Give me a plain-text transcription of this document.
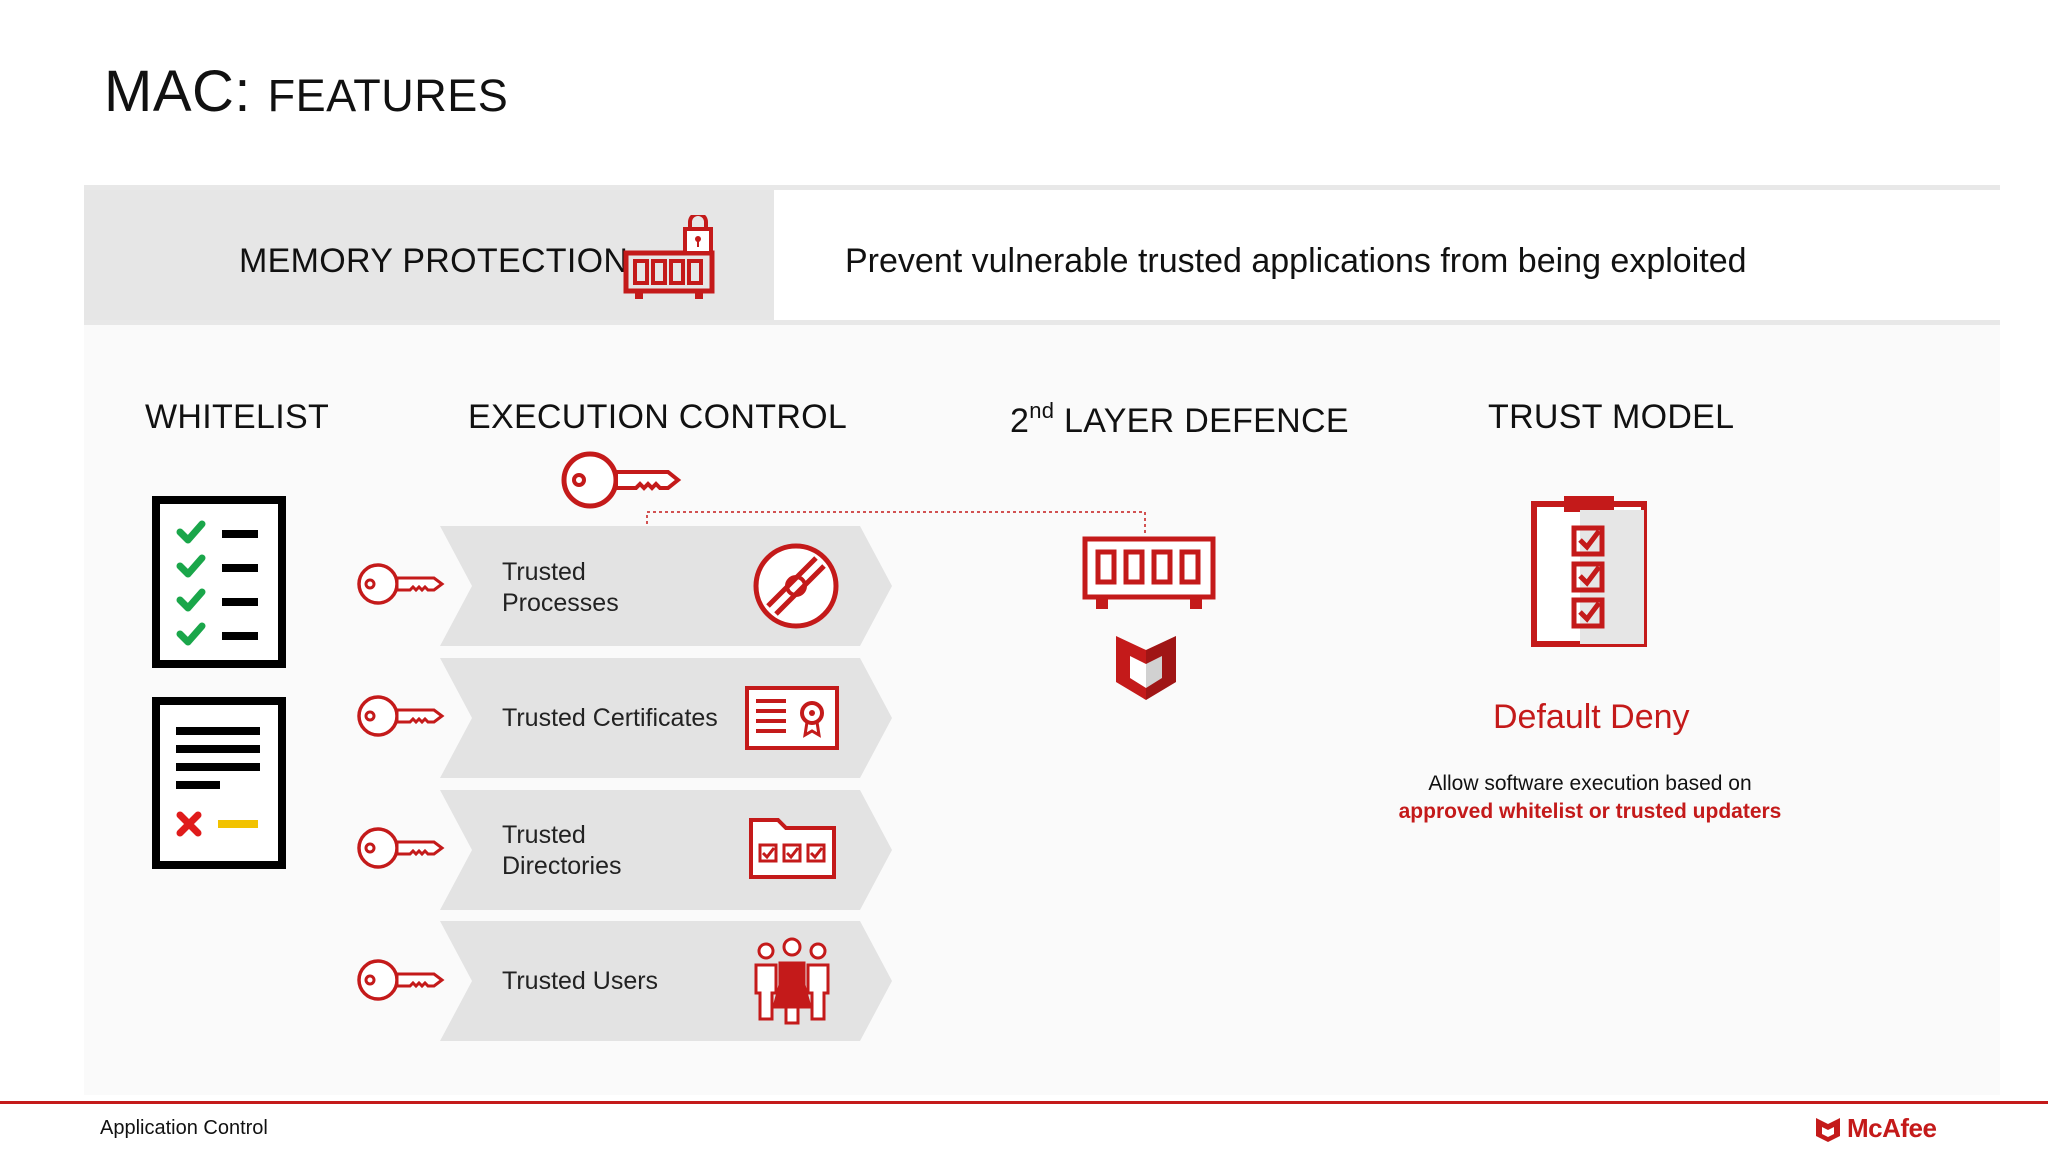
MAC: FEATURES
MEMORY PROTECTION	Prevent vulnerable trusted applications from being exploited
WHITELIST	EXECUTION CONTROL	2nd LAYER DEFENCE	TRUST MODEL
Trusted
Processes
Trusted Certificates
Trusted
Directories
Trusted Users
Default Deny
Allow software execution based on
approved whitelist or trusted updaters
Application Control	McAfee
